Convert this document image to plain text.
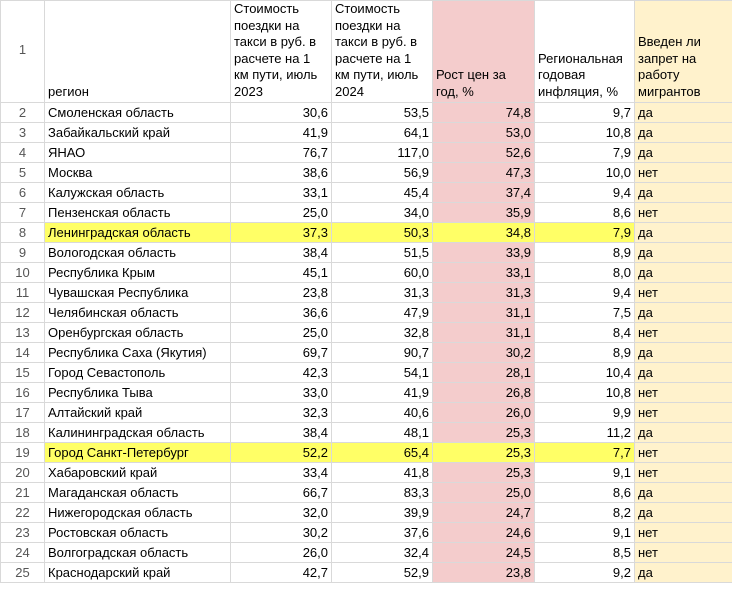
1	регион	Стоимость поездки на такси в руб. в расчете на 1 км пути, июль 2023	Стоимость поездки на такси в руб. в расчете на 1 км пути, июль 2024	Рост цен за год, %	Региональная годовая инфляция, %	Введен ли запрет на работу мигрантов
2	Смоленская область	30,6	53,5	74,8	9,7	да
3	Забайкальский край	41,9	64,1	53,0	10,8	да
4	ЯНАО	76,7	117,0	52,6	7,9	да
5	Москва	38,6	56,9	47,3	10,0	нет
6	Калужская область	33,1	45,4	37,4	9,4	да
7	Пензенская область	25,0	34,0	35,9	8,6	нет
8	Ленинградская область	37,3	50,3	34,8	7,9	да
9	Вологодская область	38,4	51,5	33,9	8,9	да
10	Республика Крым	45,1	60,0	33,1	8,0	да
11	Чувашская Республика	23,8	31,3	31,3	9,4	нет
12	Челябинская область	36,6	47,9	31,1	7,5	да
13	Оренбургская область	25,0	32,8	31,1	8,4	нет
14	Республика Саха (Якутия)	69,7	90,7	30,2	8,9	да
15	Город Севастополь	42,3	54,1	28,1	10,4	да
16	Республика Тыва	33,0	41,9	26,8	10,8	нет
17	Алтайский край	32,3	40,6	26,0	9,9	нет
18	Калининградская область	38,4	48,1	25,3	11,2	да
19	Город Санкт-Петербург	52,2	65,4	25,3	7,7	нет
20	Хабаровский край	33,4	41,8	25,3	9,1	нет
21	Магаданская область	66,7	83,3	25,0	8,6	да
22	Нижегородская область	32,0	39,9	24,7	8,2	да
23	Ростовская область	30,2	37,6	24,6	9,1	нет
24	Волгоградская область	26,0	32,4	24,5	8,5	нет
25	Краснодарский край	42,7	52,9	23,8	9,2	да
